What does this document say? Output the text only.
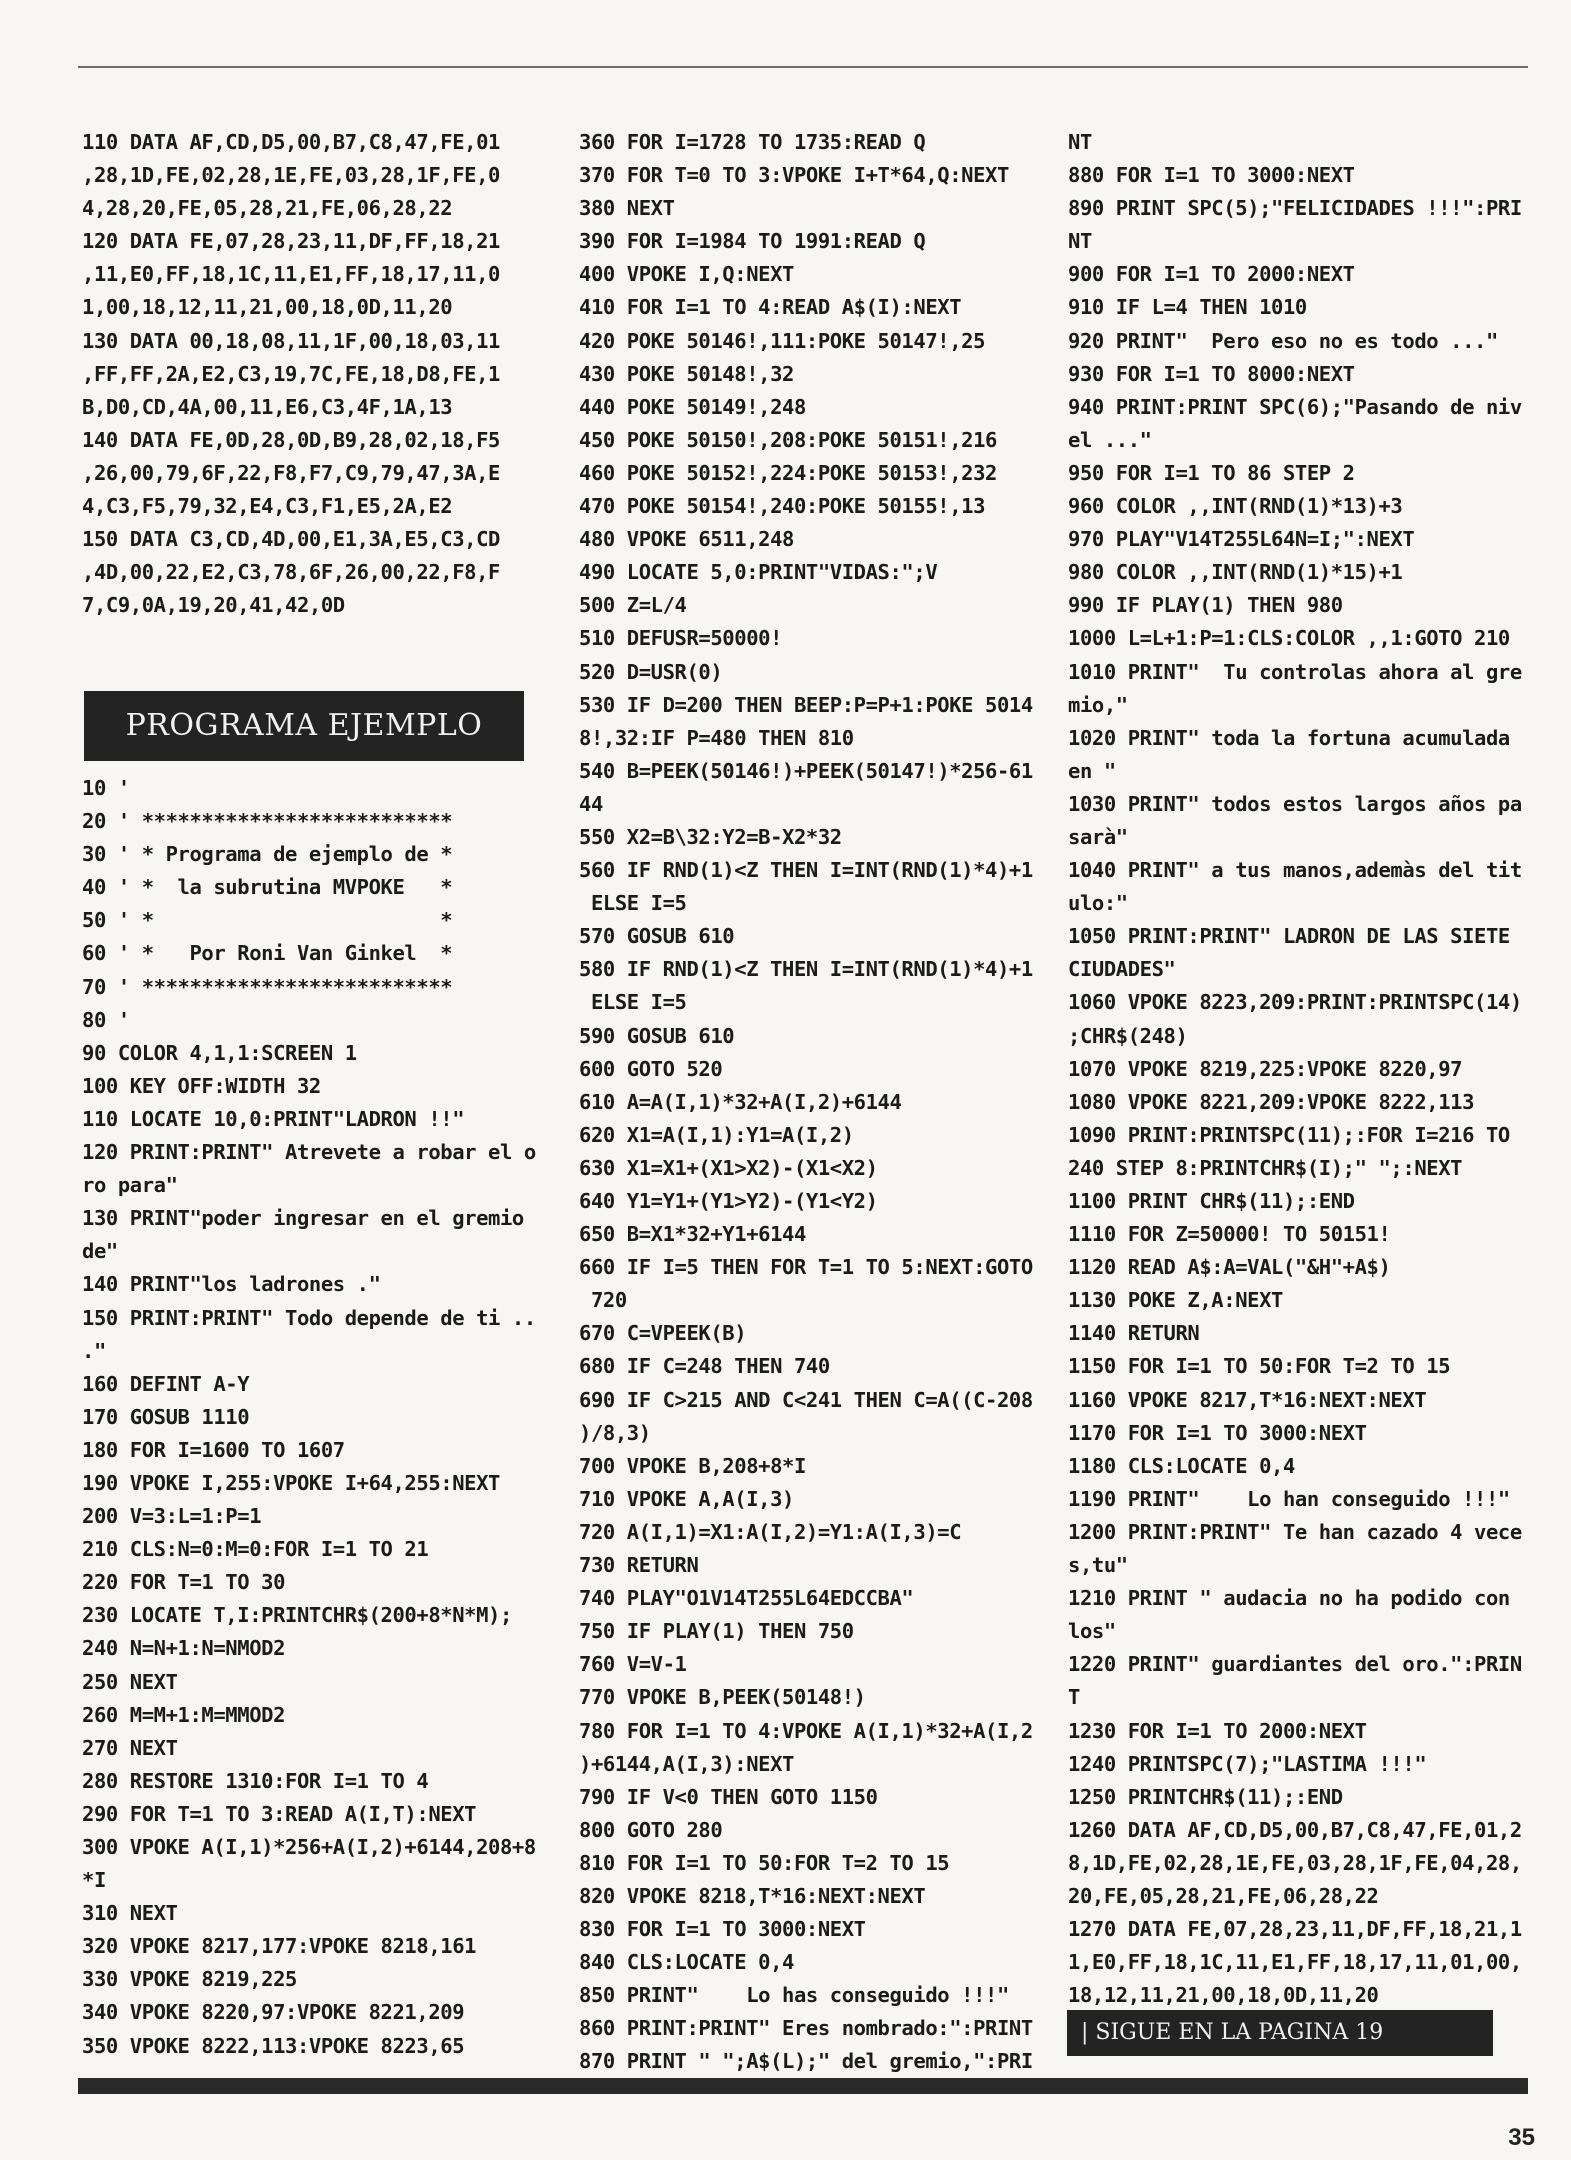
110 DATA AF,CD,D5,00,B7,C8,47,FE,01
,28,1D,FE,02,28,1E,FE,03,28,1F,FE,0
4,28,20,FE,05,28,21,FE,06,28,22
120 DATA FE,07,28,23,11,DF,FF,18,21
,11,E0,FF,18,1C,11,E1,FF,18,17,11,0
1,00,18,12,11,21,00,18,0D,11,20
130 DATA 00,18,08,11,1F,00,18,03,11
,FF,FF,2A,E2,C3,19,7C,FE,18,D8,FE,1
B,D0,CD,4A,00,11,E6,C3,4F,1A,13
140 DATA FE,0D,28,0D,B9,28,02,18,F5
,26,00,79,6F,22,F8,F7,C9,79,47,3A,E
4,C3,F5,79,32,E4,C3,F1,E5,2A,E2
150 DATA C3,CD,4D,00,E1,3A,E5,C3,CD
,4D,00,22,E2,C3,78,6F,26,00,22,F8,F
7,C9,0A,19,20,41,42,0D
PROGRAMA EJEMPLO
10 '
20 ' **************************
30 ' * Programa de ejemplo de *
40 ' *  la subrutina MVPOKE   *
50 ' *                        *
60 ' *   Por Roni Van Ginkel  *
70 ' **************************
80 '
90 COLOR 4,1,1:SCREEN 1
100 KEY OFF:WIDTH 32
110 LOCATE 10,0:PRINT"LADRON !!"
120 PRINT:PRINT" Atrevete a robar el o
ro para"
130 PRINT"poder ingresar en el gremio
de"
140 PRINT"los ladrones ."
150 PRINT:PRINT" Todo depende de ti ..
."
160 DEFINT A-Y
170 GOSUB 1110
180 FOR I=1600 TO 1607
190 VPOKE I,255:VPOKE I+64,255:NEXT
200 V=3:L=1:P=1
210 CLS:N=0:M=0:FOR I=1 TO 21
220 FOR T=1 TO 30
230 LOCATE T,I:PRINTCHR$(200+8*N*M);
240 N=N+1:N=NMOD2
250 NEXT
260 M=M+1:M=MMOD2
270 NEXT
280 RESTORE 1310:FOR I=1 TO 4
290 FOR T=1 TO 3:READ A(I,T):NEXT
300 VPOKE A(I,1)*256+A(I,2)+6144,208+8
*I
310 NEXT
320 VPOKE 8217,177:VPOKE 8218,161
330 VPOKE 8219,225
340 VPOKE 8220,97:VPOKE 8221,209
350 VPOKE 8222,113:VPOKE 8223,65
360 FOR I=1728 TO 1735:READ Q
370 FOR T=0 TO 3:VPOKE I+T*64,Q:NEXT
380 NEXT
390 FOR I=1984 TO 1991:READ Q
400 VPOKE I,Q:NEXT
410 FOR I=1 TO 4:READ A$(I):NEXT
420 POKE 50146!,111:POKE 50147!,25
430 POKE 50148!,32
440 POKE 50149!,248
450 POKE 50150!,208:POKE 50151!,216
460 POKE 50152!,224:POKE 50153!,232
470 POKE 50154!,240:POKE 50155!,13
480 VPOKE 6511,248
490 LOCATE 5,0:PRINT"VIDAS:";V
500 Z=L/4
510 DEFUSR=50000!
520 D=USR(0)
530 IF D=200 THEN BEEP:P=P+1:POKE 5014
8!,32:IF P=480 THEN 810
540 B=PEEK(50146!)+PEEK(50147!)*256-61
44
550 X2=B\32:Y2=B-X2*32
560 IF RND(1)<Z THEN I=INT(RND(1)*4)+1
ELSE I=5
570 GOSUB 610
580 IF RND(1)<Z THEN I=INT(RND(1)*4)+1
ELSE I=5
590 GOSUB 610
600 GOTO 520
610 A=A(I,1)*32+A(I,2)+6144
620 X1=A(I,1):Y1=A(I,2)
630 X1=X1+(X1>X2)-(X1<X2)
640 Y1=Y1+(Y1>Y2)-(Y1<Y2)
650 B=X1*32+Y1+6144
660 IF I=5 THEN FOR T=1 TO 5:NEXT:GOTO
720
670 C=VPEEK(B)
680 IF C=248 THEN 740
690 IF C>215 AND C<241 THEN C=A((C-208
)/8,3)
700 VPOKE B,208+8*I
710 VPOKE A,A(I,3)
720 A(I,1)=X1:A(I,2)=Y1:A(I,3)=C
730 RETURN
740 PLAY"O1V14T255L64EDCCBA"
750 IF PLAY(1) THEN 750
760 V=V-1
770 VPOKE B,PEEK(50148!)
780 FOR I=1 TO 4:VPOKE A(I,1)*32+A(I,2
)+6144,A(I,3):NEXT
790 IF V<0 THEN GOTO 1150
800 GOTO 280
810 FOR I=1 TO 50:FOR T=2 TO 15
820 VPOKE 8218,T*16:NEXT:NEXT
830 FOR I=1 TO 3000:NEXT
840 CLS:LOCATE 0,4
850 PRINT"    Lo has conseguido !!!"
860 PRINT:PRINT" Eres nombrado:":PRINT
870 PRINT " ";A$(L);" del gremio,":PRI
NT
880 FOR I=1 TO 3000:NEXT
890 PRINT SPC(5);"FELICIDADES !!!":PRI
NT
900 FOR I=1 TO 2000:NEXT
910 IF L=4 THEN 1010
920 PRINT"  Pero eso no es todo ..."
930 FOR I=1 TO 8000:NEXT
940 PRINT:PRINT SPC(6);"Pasando de niv
el ..."
950 FOR I=1 TO 86 STEP 2
960 COLOR ,,INT(RND(1)*13)+3
970 PLAY"V14T255L64N=I;":NEXT
980 COLOR ,,INT(RND(1)*15)+1
990 IF PLAY(1) THEN 980
1000 L=L+1:P=1:CLS:COLOR ,,1:GOTO 210
1010 PRINT"  Tu controlas ahora al gre
mio,"
1020 PRINT" toda la fortuna acumulada
en "
1030 PRINT" todos estos largos años pa
sarà"
1040 PRINT" a tus manos,ademàs del tit
ulo:"
1050 PRINT:PRINT" LADRON DE LAS SIETE
CIUDADES"
1060 VPOKE 8223,209:PRINT:PRINTSPC(14)
;CHR$(248)
1070 VPOKE 8219,225:VPOKE 8220,97
1080 VPOKE 8221,209:VPOKE 8222,113
1090 PRINT:PRINTSPC(11);:FOR I=216 TO
240 STEP 8:PRINTCHR$(I);" ";:NEXT
1100 PRINT CHR$(11);:END
1110 FOR Z=50000! TO 50151!
1120 READ A$:A=VAL("&H"+A$)
1130 POKE Z,A:NEXT
1140 RETURN
1150 FOR I=1 TO 50:FOR T=2 TO 15
1160 VPOKE 8217,T*16:NEXT:NEXT
1170 FOR I=1 TO 3000:NEXT
1180 CLS:LOCATE 0,4
1190 PRINT"    Lo han conseguido !!!"
1200 PRINT:PRINT" Te han cazado 4 vece
s,tu"
1210 PRINT " audacia no ha podido con
los"
1220 PRINT" guardiantes del oro.":PRIN
T
1230 FOR I=1 TO 2000:NEXT
1240 PRINTSPC(7);"LASTIMA !!!"
1250 PRINTCHR$(11);:END
1260 DATA AF,CD,D5,00,B7,C8,47,FE,01,2
8,1D,FE,02,28,1E,FE,03,28,1F,FE,04,28,
20,FE,05,28,21,FE,06,28,22
1270 DATA FE,07,28,23,11,DF,FF,18,21,1
1,E0,FF,18,1C,11,E1,FF,18,17,11,01,00,
18,12,11,21,00,18,0D,11,20
| SIGUE EN LA PAGINA 19
35
